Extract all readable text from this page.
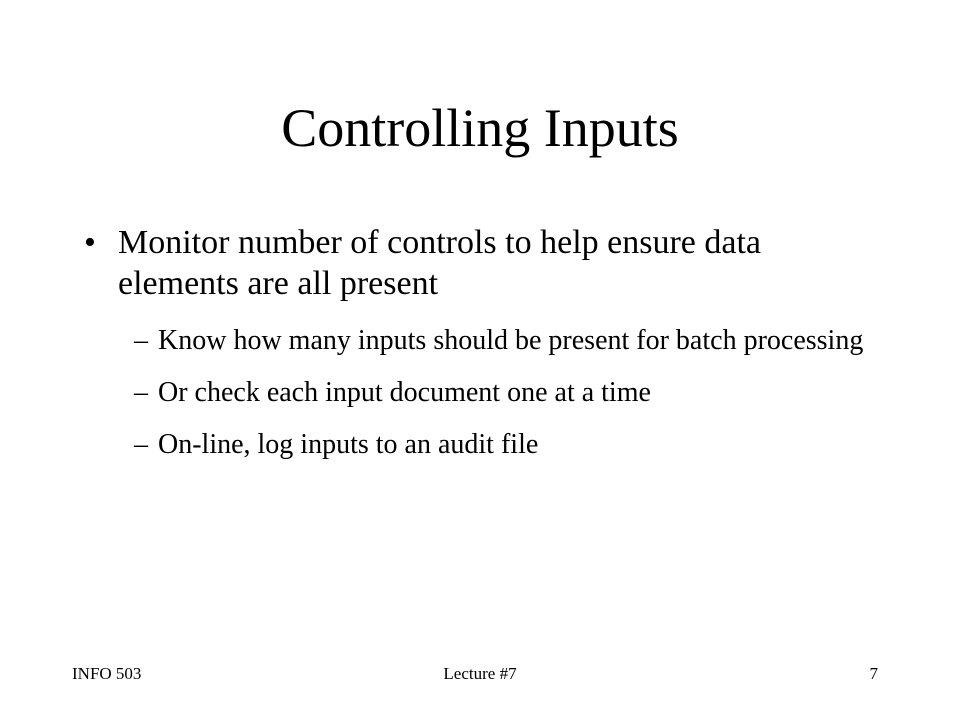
Controlling Inputs
• Monitor number of controls to help ensure data elements are all present
– Know how many inputs should be present for batch processing
– Or check each input document one at a time
– On-line, log inputs to an audit file
INFO 503	Lecture #7	7
